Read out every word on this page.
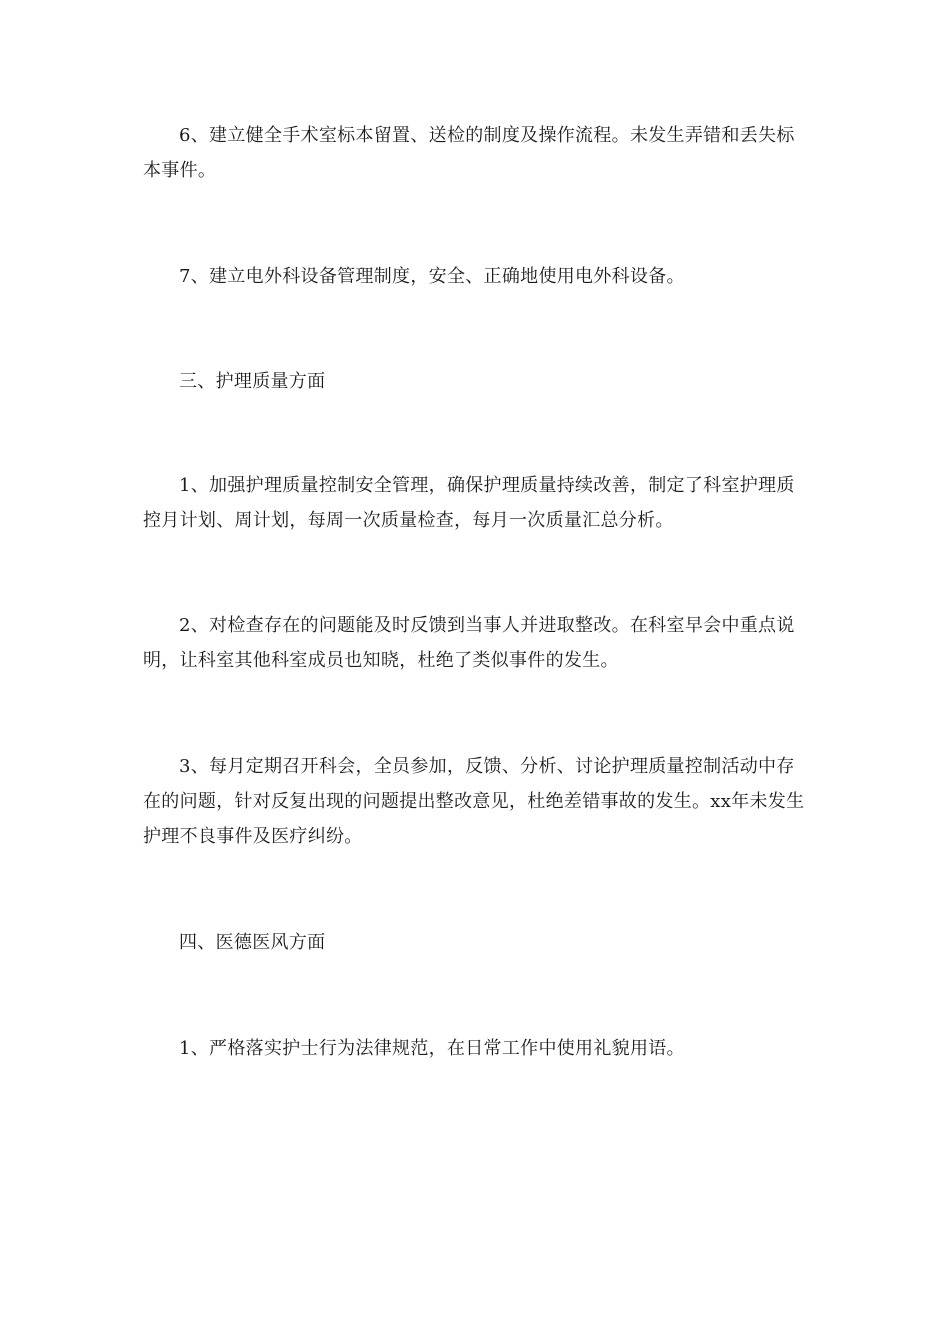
6、建立健全手术室标本留置、送检的制度及操作流程。未发生弄错和丢失标本事件。

7、建立电外科设备管理制度，安全、正确地使用电外科设备。

三、护理质量方面

1、加强护理质量控制安全管理，确保护理质量持续改善，制定了科室护理质控月计划、周计划，每周一次质量检查，每月一次质量汇总分析。

2、对检查存在的问题能及时反馈到当事人并进取整改。在科室早会中重点说明，让科室其他科室成员也知晓，杜绝了类似事件的发生。

3、每月定期召开科会，全员参加，反馈、分析、讨论护理质量控制活动中存在的问题，针对反复出现的问题提出整改意见，杜绝差错事故的发生。xx年未发生护理不良事件及医疗纠纷。

四、医德医风方面

1、严格落实护士行为法律规范，在日常工作中使用礼貌用语。
